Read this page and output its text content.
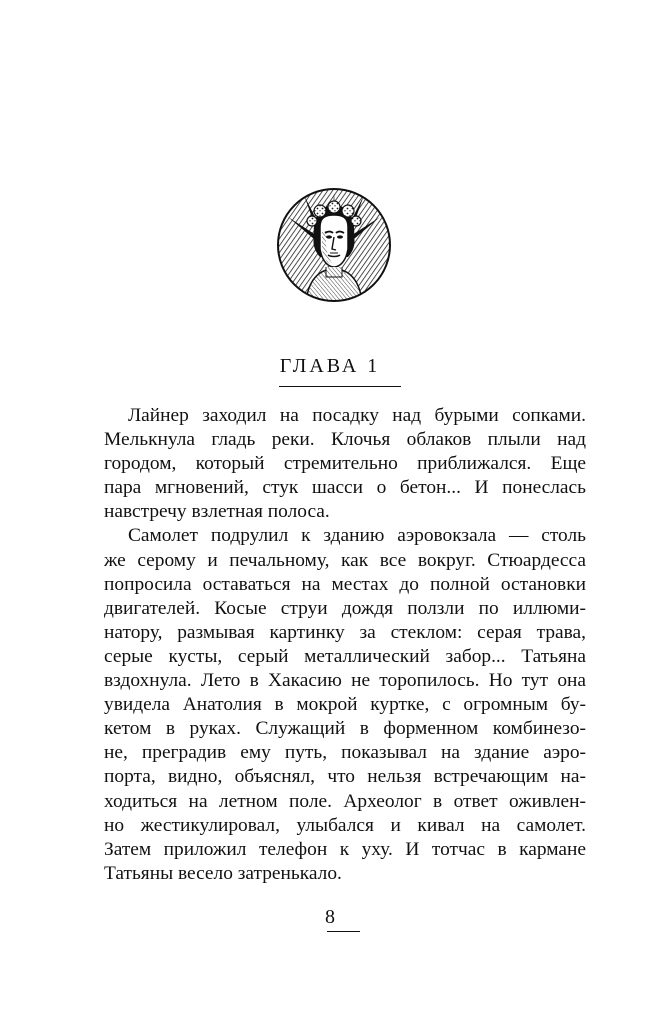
ГЛАВА 1
Лайнер заходил на посадку над бурыми сопками.
Мелькнула гладь реки. Клочья облаков плыли над
городом, который стремительно приближался. Еще
пара мгновений, стук шасси о бетон... И понеслась
навстречу взлетная полоса.
Самолет подрулил к зданию аэровокзала — столь
же серому и печальному, как все вокруг. Стюардесса
попросила оставаться на местах до полной остановки
двигателей. Косые струи дождя ползли по иллюми-
натору, размывая картинку за стеклом: серая трава,
серые кусты, серый металлический забор... Татьяна
вздохнула. Лето в Хакасию не торопилось. Но тут она
увидела Анатолия в мокрой куртке, с огромным бу-
кетом в руках. Служащий в форменном комбинезо-
не, преградив ему путь, показывал на здание аэро-
порта, видно, объяснял, что нельзя встречающим на-
ходиться на летном поле. Археолог в ответ оживлен-
но жестикулировал, улыбался и кивал на самолет.
Затем приложил телефон к уху. И тотчас в кармане
Татьяны весело затренькало.
8
